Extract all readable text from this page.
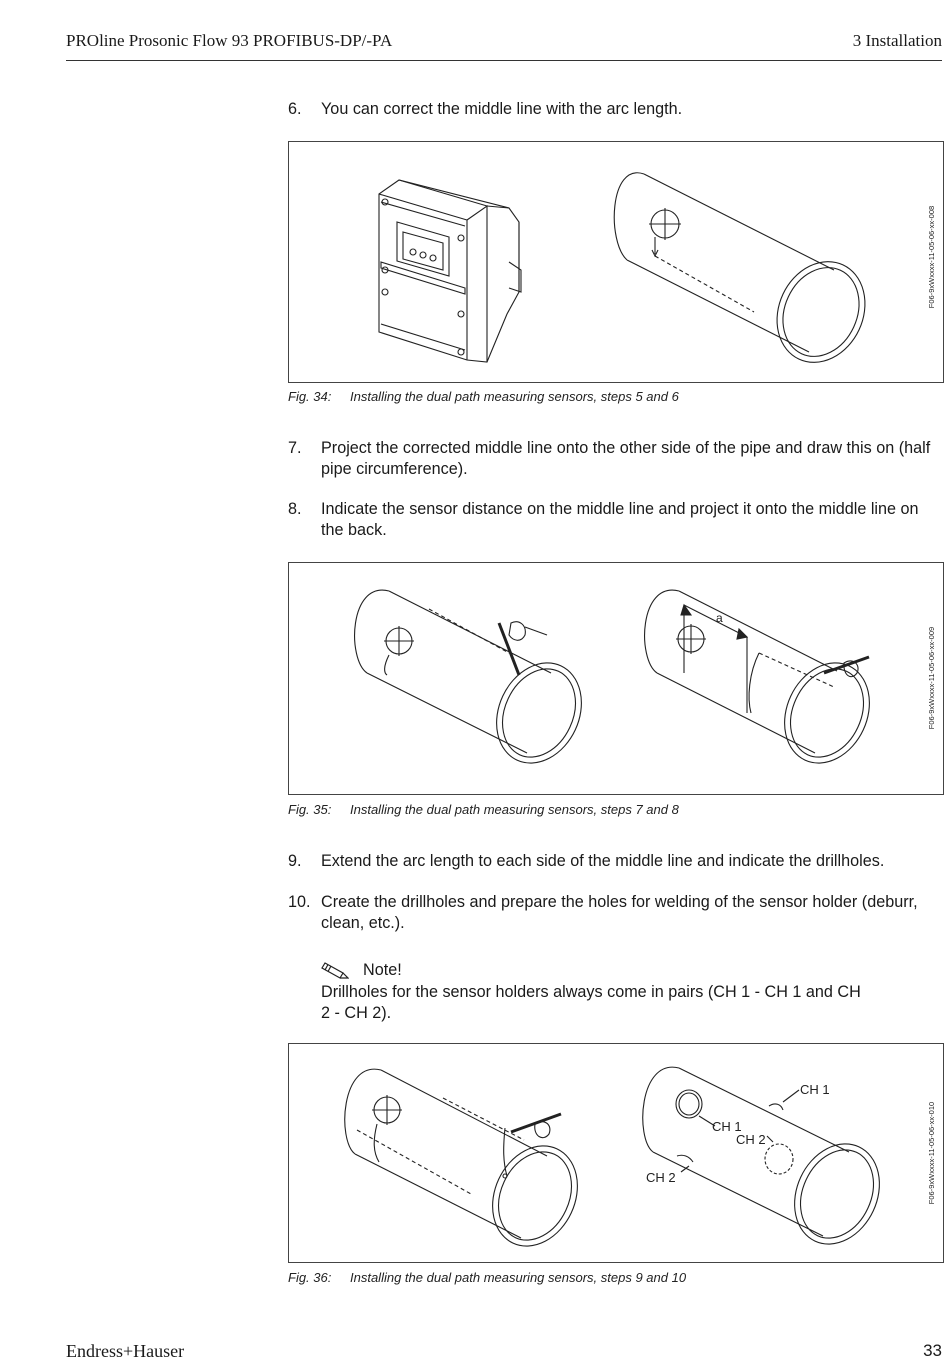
PROline Prosonic Flow 93 PROFIBUS-DP/-PA	3 Installation
6. You can correct the middle line with the arc length.
F06-9xWxxxx-11-05-06-xx-008
Fig. 34: Installing the dual path measuring sensors, steps 5 and 6
7. Project the corrected middle line onto the other side of the pipe and draw this on (half pipe circumference).
8. Indicate the sensor distance on the middle line and project it onto the middle line on the back.
a
F06-9xWxxxx-11-05-06-xx-009
Fig. 35: Installing the dual path measuring sensors, steps 7 and 8
9. Extend the arc length to each side of the middle line and indicate the drillholes.
10. Create the drillholes and prepare the holes for welding of the sensor holder (deburr, clean, etc.).
Note!
Drillholes for the sensor holders always come in pairs (CH 1 - CH 1 and CH 2 - CH 2).
CH 1
CH 1
CH 2
CH 2	F06-9xWxxxx-11-05-06-xx-010
Fig. 36: Installing the dual path measuring sensors, steps 9 and 10
Endress+Hauser	33
